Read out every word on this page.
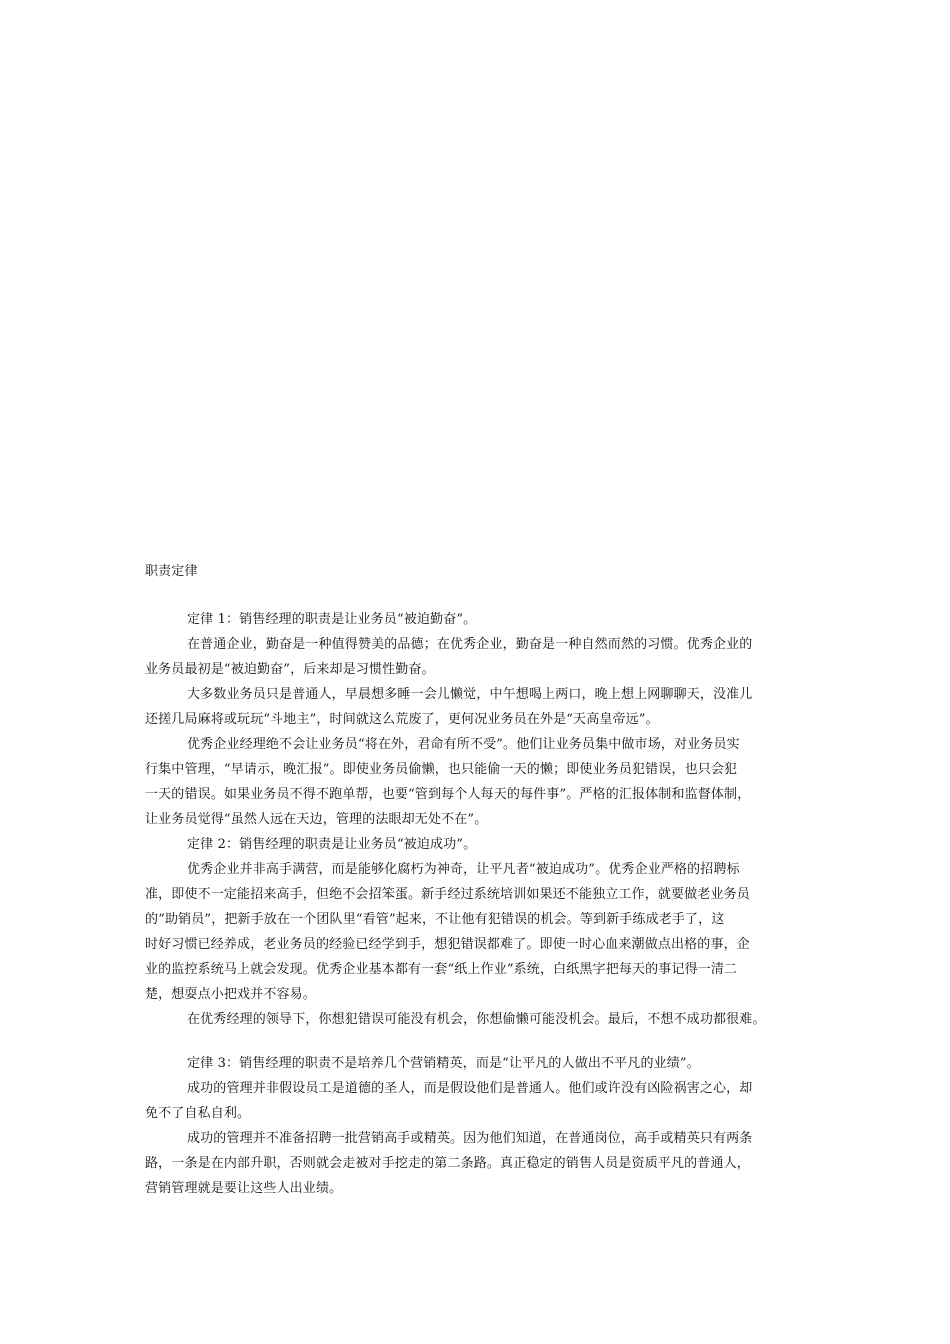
职责定律

定律 1：销售经理的职责是让业务员“被迫勤奋”。

在普通企业，勤奋是一种值得赞美的品德；在优秀企业，勤奋是一种自然而然的习惯。优秀企业的

业务员最初是“被迫勤奋”，后来却是习惯性勤奋。

大多数业务员只是普通人，早晨想多睡一会儿懒觉，中午想喝上两口，晚上想上网聊聊天，没准儿

还搓几局麻将或玩玩“斗地主”，时间就这么荒废了，更何况业务员在外是“天高皇帝远”。

优秀企业经理绝不会让业务员“将在外，君命有所不受”。他们让业务员集中做市场，对业务员实

行集中管理，“早请示，晚汇报”。即使业务员偷懒，也只能偷一天的懒；即使业务员犯错误，也只会犯

一天的错误。如果业务员不得不跑单帮，也要“管到每个人每天的每件事”。严格的汇报体制和监督体制，

让业务员觉得“虽然人远在天边，管理的法眼却无处不在”。

定律 2：销售经理的职责是让业务员“被迫成功”。

优秀企业并非高手满营，而是能够化腐朽为神奇，让平凡者“被迫成功”。优秀企业严格的招聘标

准，即使不一定能招来高手，但绝不会招笨蛋。新手经过系统培训如果还不能独立工作，就要做老业务员

的“助销员”，把新手放在一个团队里“看管”起来，不让他有犯错误的机会。等到新手练成老手了，这

时好习惯已经养成，老业务员的经验已经学到手，想犯错误都难了。即使一时心血来潮做点出格的事，企

业的监控系统马上就会发现。优秀企业基本都有一套“纸上作业”系统，白纸黑字把每天的事记得一清二

楚，想耍点小把戏并不容易。

在优秀经理的领导下，你想犯错误可能没有机会，你想偷懒可能没机会。最后，不想不成功都很难。

定律 3：销售经理的职责不是培养几个营销精英，而是“让平凡的人做出不平凡的业绩”。

成功的管理并非假设员工是道德的圣人，而是假设他们是普通人。他们或许没有凶险祸害之心，却

免不了自私自利。

成功的管理并不准备招聘一批营销高手或精英。因为他们知道，在普通岗位，高手或精英只有两条

路，一条是在内部升职，否则就会走被对手挖走的第二条路。真正稳定的销售人员是资质平凡的普通人，

营销管理就是要让这些人出业绩。
